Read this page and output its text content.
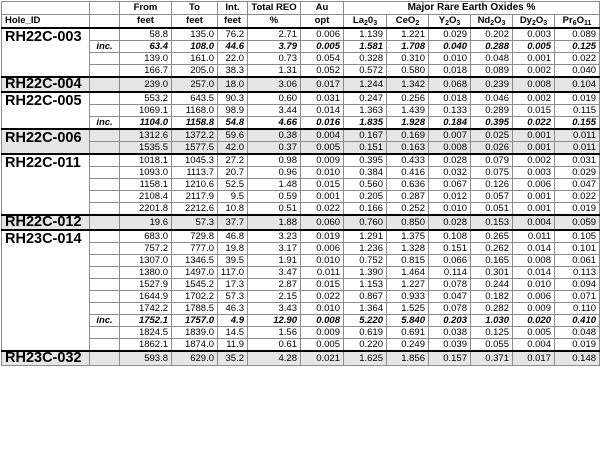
		From	To	Int.	Total REO	Au	Major Rare Earth Oxides %					
Hole_ID		feet	feet	feet	%	opt	$La_20_3$	CeO$_2$	$Y_2O_3$	$Nd_2O_3$	$Dy_2O_3$	$Pr_6O_{11}$
RH22C-003		58.8	135.0	76.2	2.71	0.006	1.139	1.221	0.029	0.202	0.003	0.089
	inc.	63.4	108.0	44.6	3.79	0.005	1.581	1.708	0.040	0.288	0.005	0.125
		139.0	161.0	22.0	0.73	0.054	0.328	0.310	0.010	0.048	0.001	0.022
		166.7	205.0	38.3	1.31	0.052	0.572	0.580	0.018	0.089	0.002	0.040
RH22C-004		239.0	257.0	18.0	3.06	0.017	1.244	1.342	0.068	0.239	0.008	0.104
RH22C-005		553.2	643.5	90.3	0.60	0.031	0.247	0.256	0.018	0.046	0.002	0.019
		1069.1	1168.0	98.9	3.44	0.014	1.363	1.439	0.133	0.289	0.015	0.115
	inc.	1104.0	1158.8	54.8	4.66	0.016	1.835	1.928	0.184	0.395	0.022	0.155
RH22C-006		1312.6	1372.2	59.6	0.38	0.004	0.167	0.169	0.007	0.025	0.001	0.011
		1535.5	1577.5	42.0	0.37	0.005	0.151	0.163	0.008	0.026	0.001	0.011
RH22C-011		1018.1	1045.3	27.2	0.98	0.009	0.395	0.433	0.028	0.079	0.002	0.031
		1093.0	1113.7	20.7	0.96	0.010	0.384	0.416	0.032	0.075	0.003	0.029
		1158.1	1210.6	52.5	1.48	0.015	0.560	0.636	0.067	0.126	0.006	0.047
		2108.4	2117.9	9.5	0.59	0.001	0.205	0.287	0.012	0.057	0.001	0.022
		2201.8	2212.6	10.8	0.51	0.022	0.166	0.252	0.010	0.051	0.001	0.019
RH22C-012		19.6	57.3	37.7	1.88	0.060	0.760	0.850	0.028	0.153	0.004	0.059
RH23C-014		683.0	729.8	46.8	3.23	0.019	1.291	1.375	0.108	0.265	0.011	0.105
		757.2	777.0	19.8	3.17	0.006	1.236	1.328	0.151	0.262	0.014	0.101
		1307.0	1346.5	39.5	1.91	0.010	0.752	0.815	0.066	0.165	0.008	0.061
		1380.0	1497.0	117.0	3.47	0.011	1.390	1.464	0.114	0.301	0.014	0.113
		1527.9	1545.2	17.3	2.87	0.015	1.153	1.227	0.078	0.244	0.010	0.094
		1644.9	1702.2	57.3	2.15	0.022	0.867	0.933	0.047	0.182	0.006	0.071
		1742.2	1788.5	46.3	3.43	0.010	1.364	1.525	0.078	0.282	0.009	0.110
	inc.	1752.1	1757.0	4.9	12.90	0.008	5.220	5.840	0.203	1.030	0.020	0.410
		1824.5	1839.0	14.5	1.56	0.009	0.619	0.691	0.038	0.125	0.005	0.048
		1862.1	1874.0	11.9	0.61	0.005	0.220	0.249	0.039	0.055	0.004	0.019
RH23C-032		593.8	629.0	35.2	4.28	0.021	1.625	1.856	0.157	0.371	0.017	0.148
